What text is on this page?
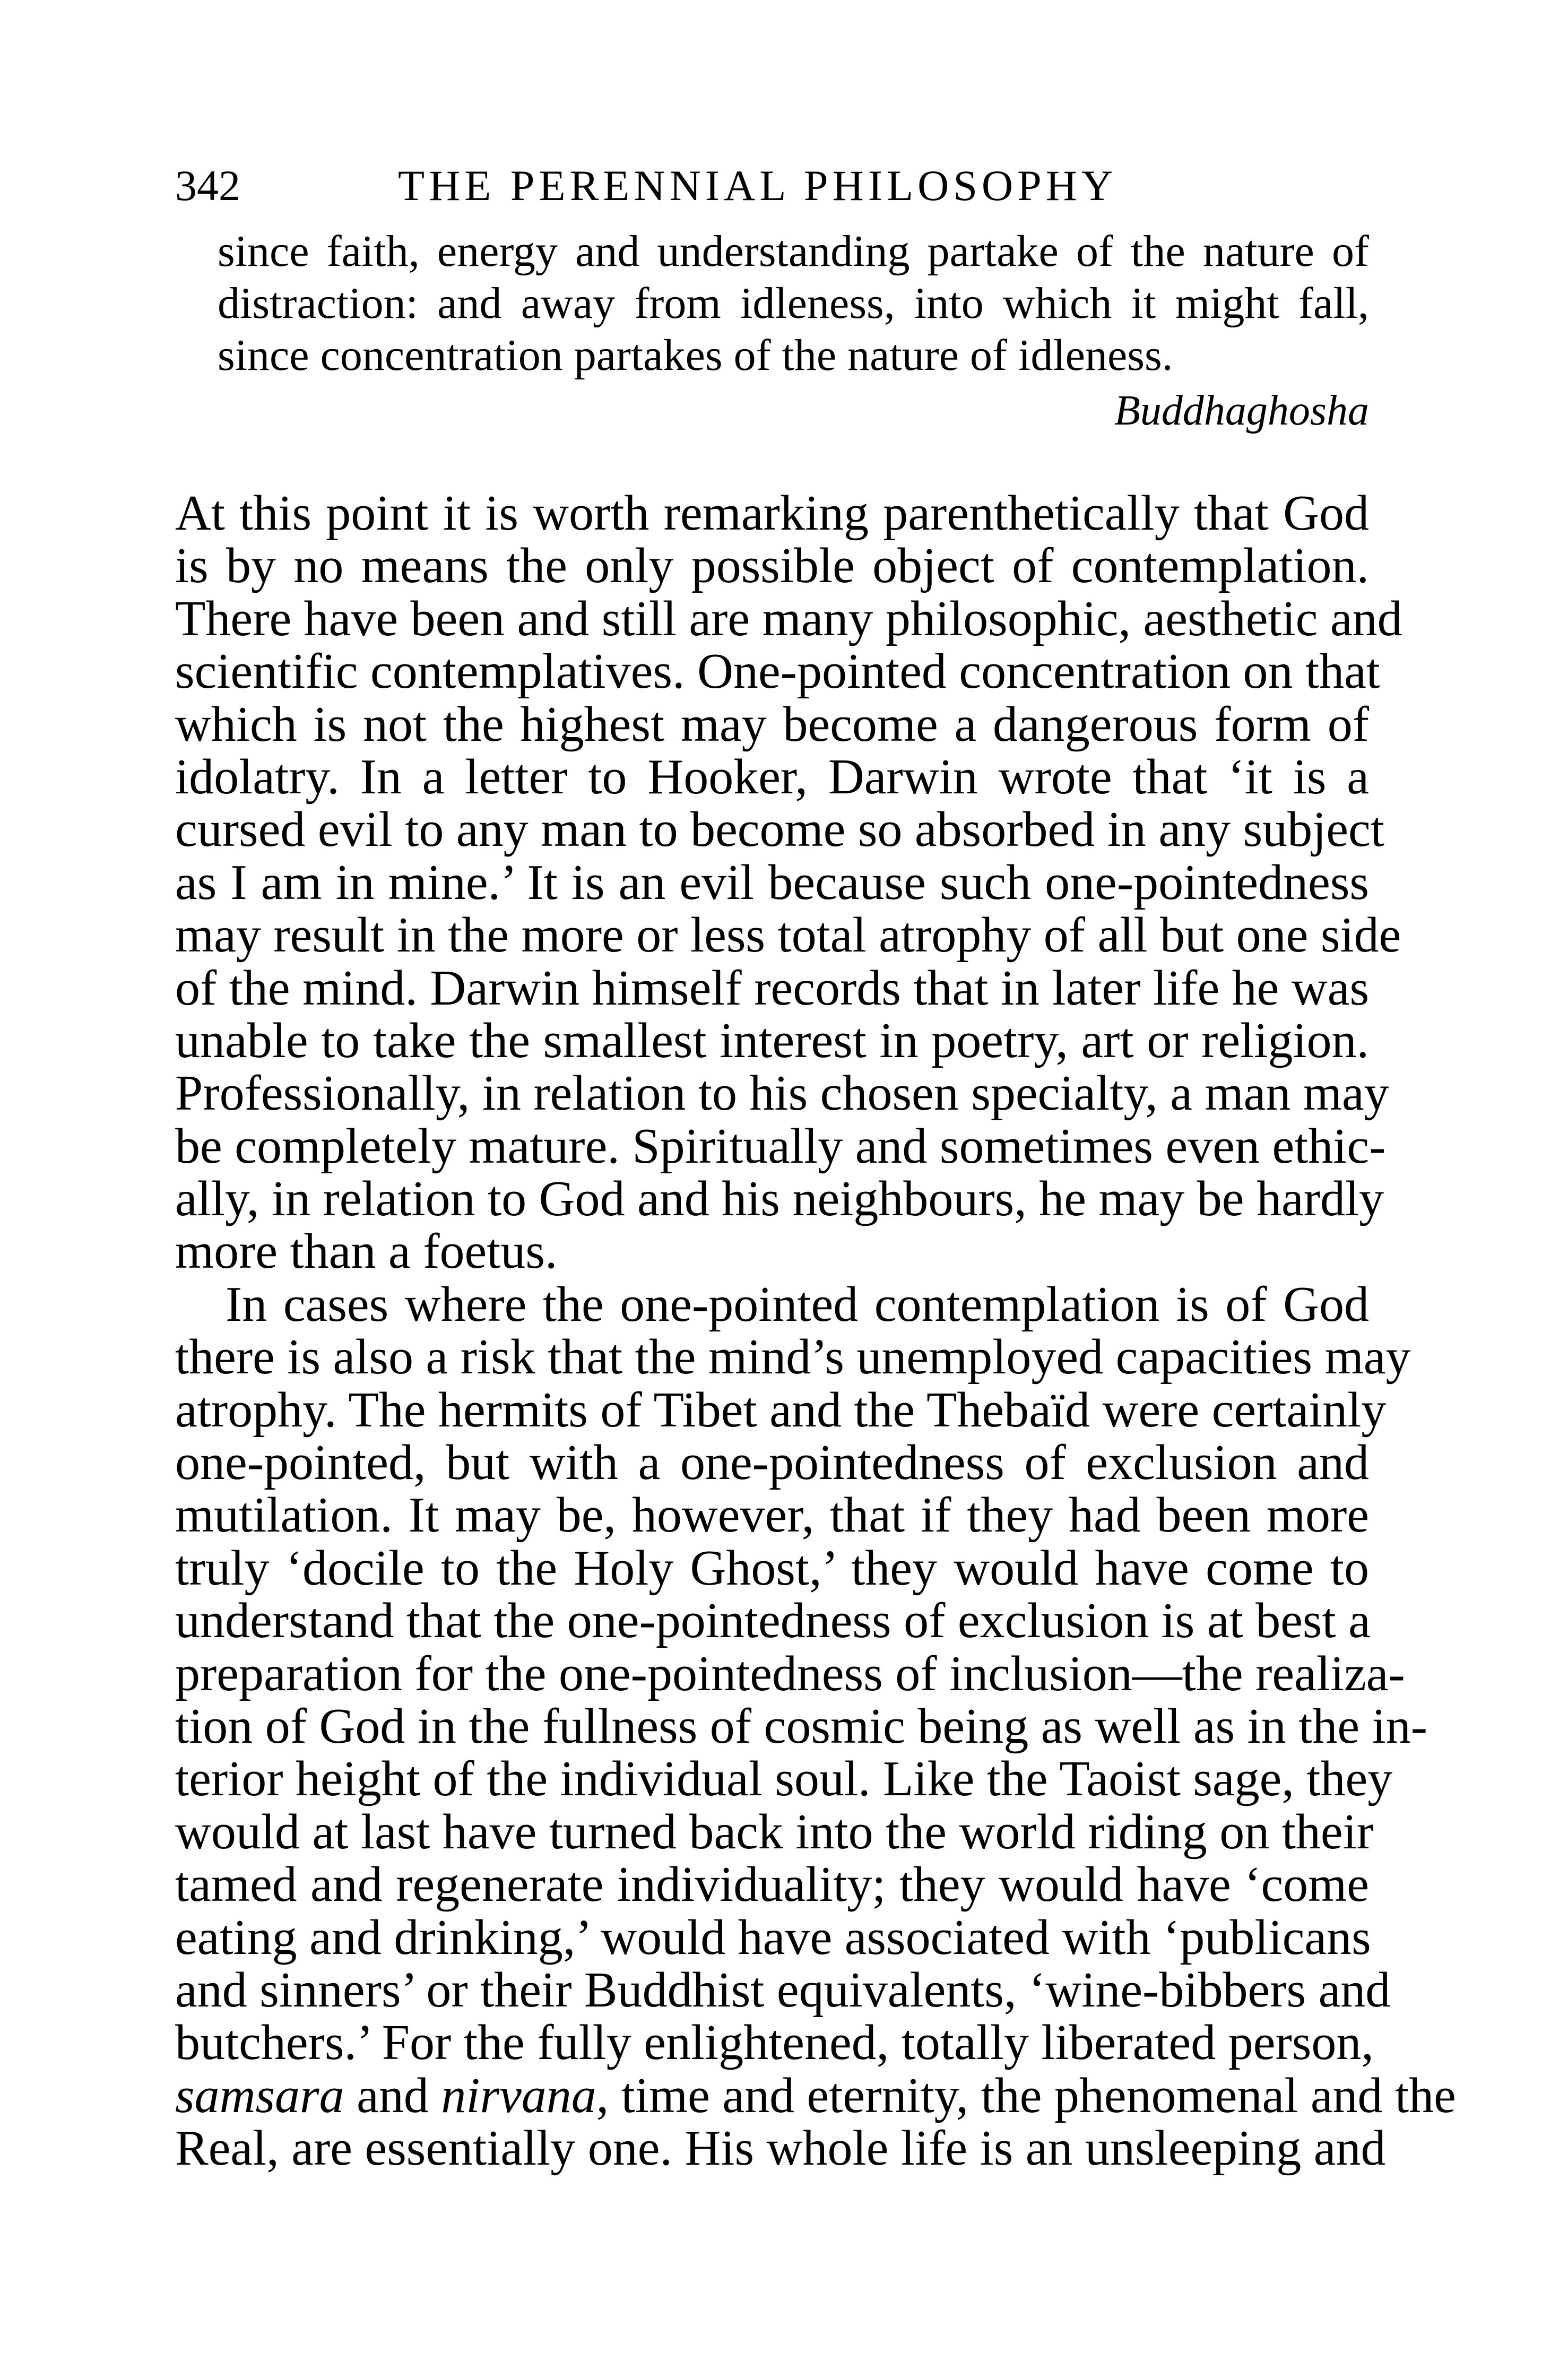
342	THE PERENNIAL PHILOSOPHY
since faith, energy and understanding partake of the nature of
distraction: and away from idleness, into which it might fall,
since concentration partakes of the nature of idleness.
Buddhaghosha
At this point it is worth remarking parenthetically that God
is by no means the only possible object of contemplation.
There have been and still are many philosophic, aesthetic and
scientific contemplatives. One-pointed concentration on that
which is not the highest may become a dangerous form of
idolatry. In a letter to Hooker, Darwin wrote that ‘it is a
cursed evil to any man to become so absorbed in any subject
as I am in mine.’ It is an evil because such one-pointedness
may result in the more or less total atrophy of all but one side
of the mind. Darwin himself records that in later life he was
unable to take the smallest interest in poetry, art or religion.
Professionally, in relation to his chosen specialty, a man may
be completely mature. Spiritually and sometimes even ethic-
ally, in relation to God and his neighbours, he may be hardly
more than a foetus.
In cases where the one-pointed contemplation is of God
there is also a risk that the mind’s unemployed capacities may
atrophy. The hermits of Tibet and the Thebaïd were certainly
one-pointed, but with a one-pointedness of exclusion and
mutilation. It may be, however, that if they had been more
truly ‘docile to the Holy Ghost,’ they would have come to
understand that the one-pointedness of exclusion is at best a
preparation for the one-pointedness of inclusion—the realiza-
tion of God in the fullness of cosmic being as well as in the in-
terior height of the individual soul. Like the Taoist sage, they
would at last have turned back into the world riding on their
tamed and regenerate individuality; they would have ‘come
eating and drinking,’ would have associated with ‘publicans
and sinners’ or their Buddhist equivalents, ‘wine-bibbers and
butchers.’ For the fully enlightened, totally liberated person,
samsara and nirvana, time and eternity, the phenomenal and the
Real, are essentially one. His whole life is an unsleeping and
